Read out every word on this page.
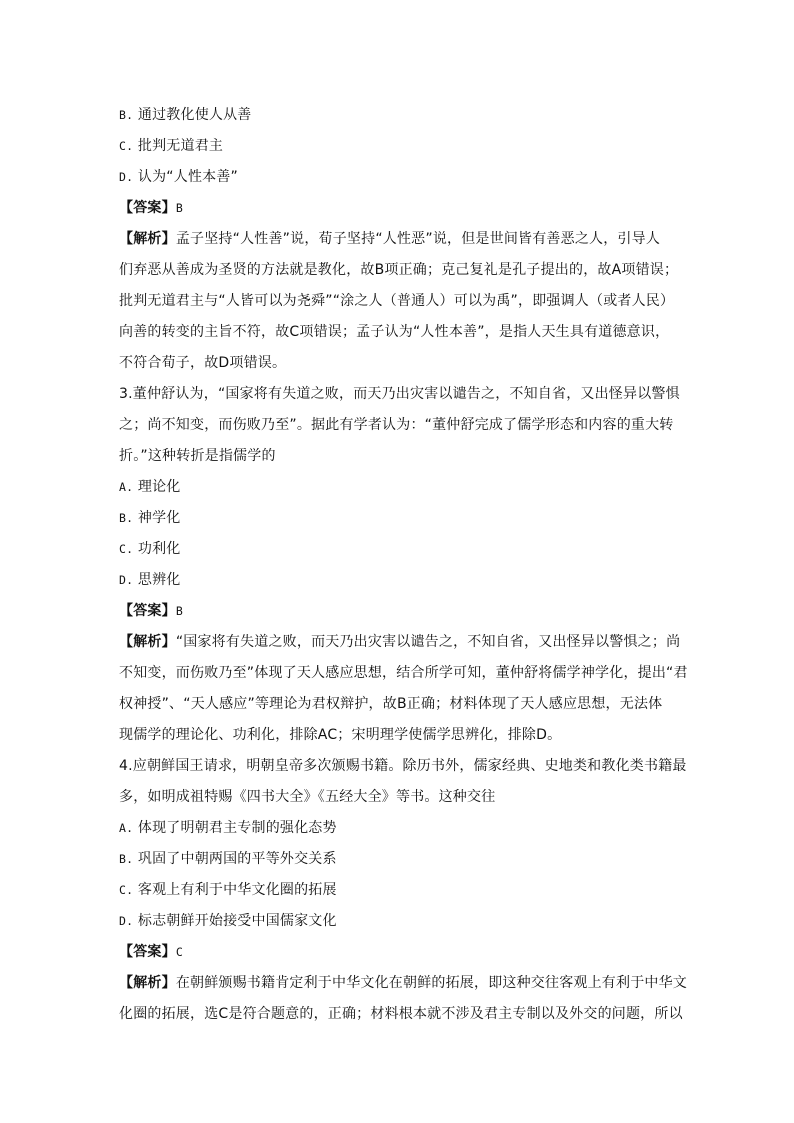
B. 通过教化使人从善
C. 批判无道君主
D. 认为“人性本善”
【答案】B
【解析】孟子坚持“人性善”说，荀子坚持“人性恶”说，但是世间皆有善恶之人，引导人
们弃恶从善成为圣贤的方法就是教化，故B项正确；克己复礼是孔子提出的，故A项错误；
批判无道君主与“人皆可以为尧舜”“涂之人（普通人）可以为禹”，即强调人（或者人民）
向善的转变的主旨不符，故C项错误；孟子认为“人性本善”，是指人天生具有道德意识，
不符合荀子，故D项错误。
3.董仲舒认为，“国家将有失道之败，而天乃出灾害以谴告之，不知自省，又出怪异以警惧
之；尚不知变，而伤败乃至”。据此有学者认为：“董仲舒完成了儒学形态和内容的重大转
折。”这种转折是指儒学的
A. 理论化
B. 神学化
C. 功利化
D. 思辨化
【答案】B
【解析】“国家将有失道之败，而天乃出灾害以谴告之，不知自省，又出怪异以警惧之；尚
不知变，而伤败乃至”体现了天人感应思想，结合所学可知，董仲舒将儒学神学化，提出“君
权神授”、“天人感应”等理论为君权辩护，故B正确；材料体现了天人感应思想，无法体
现儒学的理论化、功利化，排除AC；宋明理学使儒学思辨化，排除D。
4.应朝鲜国王请求，明朝皇帝多次颁赐书籍。除历书外，儒家经典、史地类和教化类书籍最
多，如明成祖特赐《四书大全》《五经大全》等书。这种交往
A. 体现了明朝君主专制的强化态势
B. 巩固了中朝两国的平等外交关系
C. 客观上有利于中华文化圈的拓展
D. 标志朝鲜开始接受中国儒家文化
【答案】C
【解析】在朝鲜颁赐书籍肯定利于中华文化在朝鲜的拓展，即这种交往客观上有利于中华文
化圈的拓展，选C是符合题意的，正确；材料根本就不涉及君主专制以及外交的问题，所以
